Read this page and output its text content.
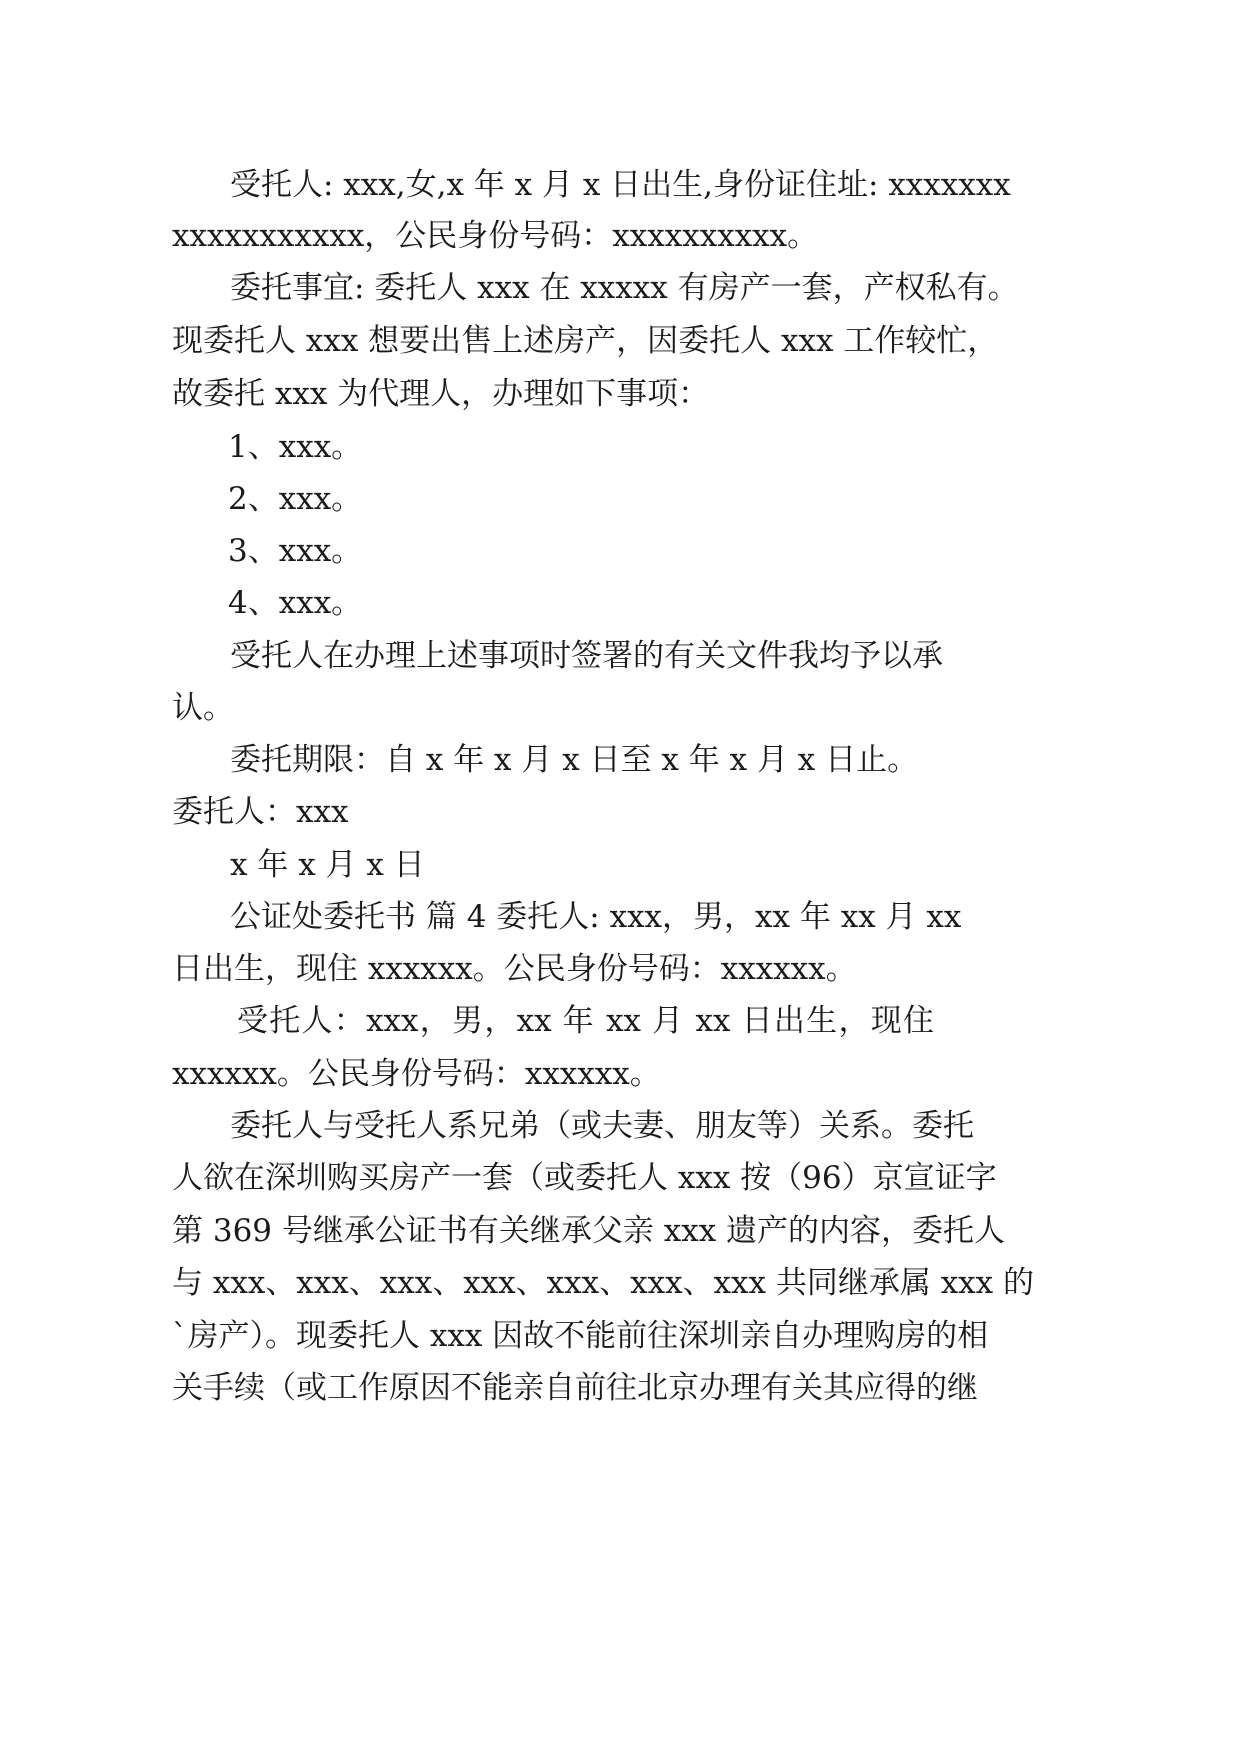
受托人: xxx,女,x 年 x 月 x 日出生,身份证住址: xxxxxxx
xxxxxxxxxxx，公民身份号码：xxxxxxxxxx。
委托事宜: 委托人 xxx 在 xxxxx 有房产一套，产权私有。
现委托人 xxx 想要出售上述房产，因委托人 xxx 工作较忙，
故委托 xxx 为代理人，办理如下事项：
1、xxx。
2、xxx。
3、xxx。
4、xxx。
受托人在办理上述事项时签署的有关文件我均予以承
认。
委托期限：自 x 年 x 月 x 日至 x 年 x 月 x 日止。
委托人：xxx
x 年 x 月 x 日
公证处委托书 篇 4 委托人: xxx，男，xx 年 xx 月 xx
日出生，现住 xxxxxx。公民身份号码：xxxxxx。
受托人：xxx，男，xx 年 xx 月 xx 日出生，现住
xxxxxx。公民身份号码：xxxxxx。
委托人与受托人系兄弟（或夫妻、朋友等）关系。委托
人欲在深圳购买房产一套（或委托人 xxx 按（96）京宣证字
第 369 号继承公证书有关继承父亲 xxx 遗产的内容，委托人
与 xxx、xxx、xxx、xxx、xxx、xxx、xxx 共同继承属 xxx 的
`房产）。现委托人 xxx 因故不能前往深圳亲自办理购房的相
关手续（或工作原因不能亲自前往北京办理有关其应得的继
